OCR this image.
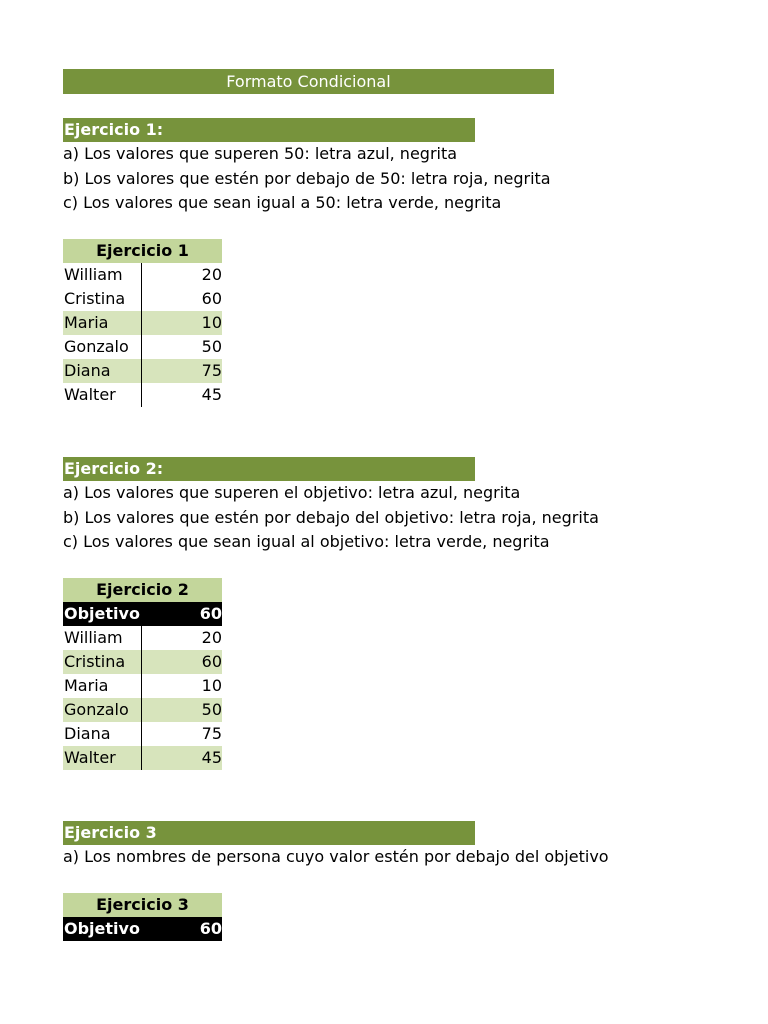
Formato Condicional
Ejercicio 1:
a) Los valores que superen 50: letra azul, negrita
b) Los valores que estén por debajo de 50: letra roja, negrita
c) Los valores que sean igual a 50: letra verde, negrita
Ejercicio 1
William	20
Cristina	60
Maria	10
Gonzalo	50
Diana	75
Walter	45
Ejercicio 2:
a) Los valores que superen el objetivo: letra azul, negrita
b) Los valores que estén por debajo del objetivo: letra roja, negrita
c) Los valores que sean igual al objetivo: letra verde, negrita
Ejercicio 2
Objetivo	60
William	20
Cristina	60
Maria	10
Gonzalo	50
Diana	75
Walter	45
Ejercicio 3
a) Los nombres de persona cuyo valor estén por debajo del objetivo
Ejercicio 3
Objetivo	60
